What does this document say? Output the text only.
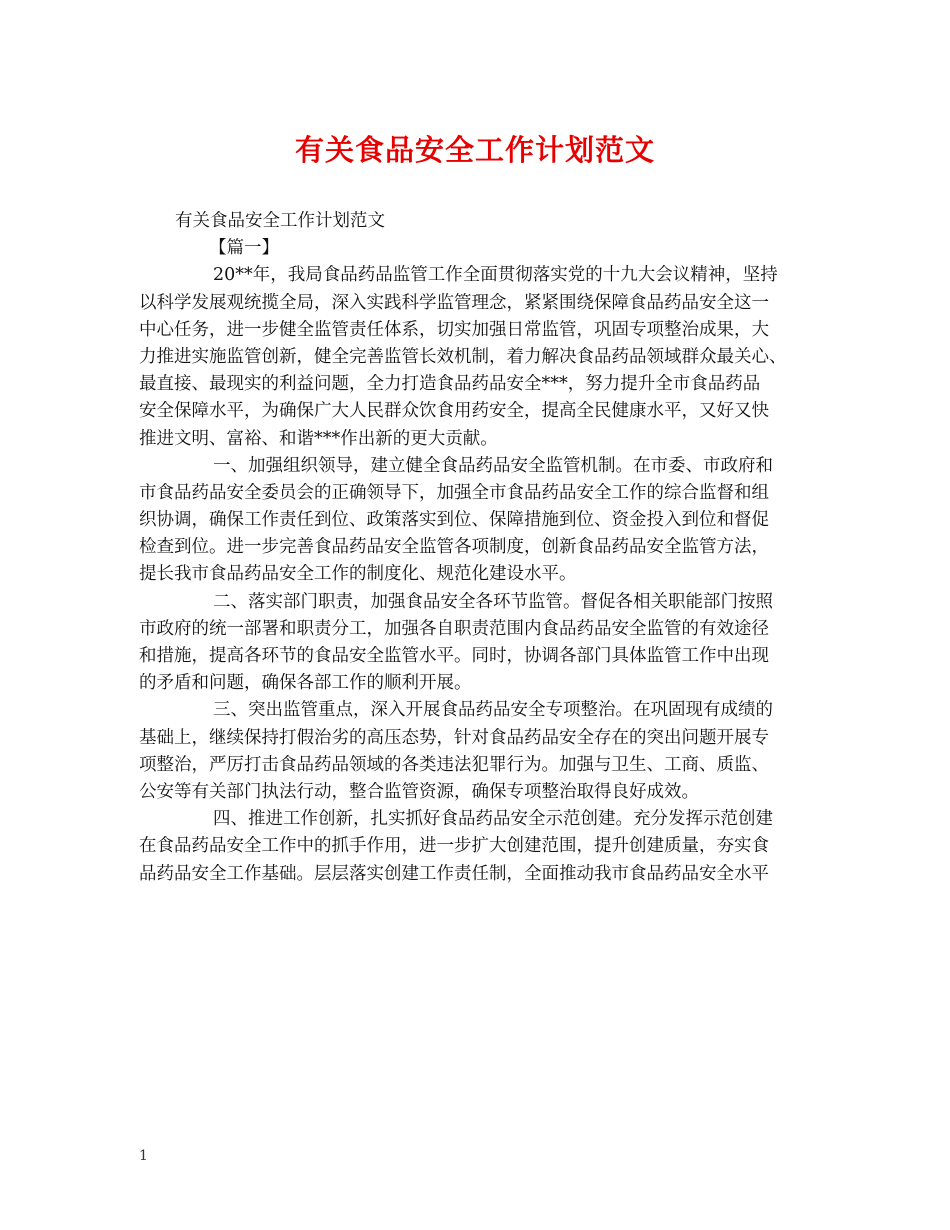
有关食品安全工作计划范文
有关食品安全工作计划范文
【篇一】
20**年，我局食品药品监管工作全面贯彻落实党的十九大会议精神，坚持
以科学发展观统揽全局，深入实践科学监管理念，紧紧围绕保障食品药品安全这一
中心任务，进一步健全监管责任体系，切实加强日常监管，巩固专项整治成果，大
力推进实施监管创新，健全完善监管长效机制，着力解决食品药品领域群众最关心、
最直接、最现实的利益问题，全力打造食品药品安全***，努力提升全市食品药品
安全保障水平，为确保广大人民群众饮食用药安全，提高全民健康水平，又好又快
推进文明、富裕、和谐***作出新的更大贡献。
一、加强组织领导，建立健全食品药品安全监管机制。在市委、市政府和
市食品药品安全委员会的正确领导下，加强全市食品药品安全工作的综合监督和组
织协调，确保工作责任到位、政策落实到位、保障措施到位、资金投入到位和督促
检查到位。进一步完善食品药品安全监管各项制度，创新食品药品安全监管方法，
提长我市食品药品安全工作的制度化、规范化建设水平。
二、落实部门职责，加强食品安全各环节监管。督促各相关职能部门按照
市政府的统一部署和职责分工，加强各自职责范围内食品药品安全监管的有效途径
和措施，提高各环节的食品安全监管水平。同时，协调各部门具体监管工作中出现
的矛盾和问题，确保各部工作的顺利开展。
三、突出监管重点，深入开展食品药品安全专项整治。在巩固现有成绩的
基础上，继续保持打假治劣的高压态势，针对食品药品安全存在的突出问题开展专
项整治，严厉打击食品药品领域的各类违法犯罪行为。加强与卫生、工商、质监、
公安等有关部门执法行动，整合监管资源，确保专项整治取得良好成效。
四、推进工作创新，扎实抓好食品药品安全示范创建。充分发挥示范创建
在食品药品安全工作中的抓手作用，进一步扩大创建范围，提升创建质量，夯实食
品药品安全工作基础。层层落实创建工作责任制，全面推动我市食品药品安全水平
1
